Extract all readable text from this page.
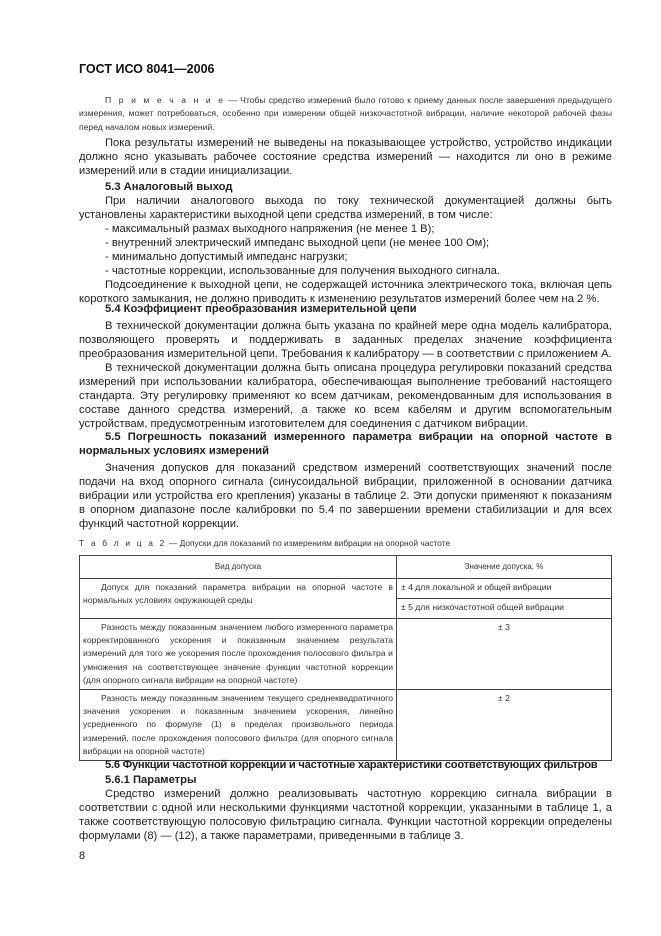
ГОСТ ИСО 8041—2006

П р и м е ч а н и е — Чтобы средство измерений было готово к приему данных после завершения предыдущего измерения, может потребоваться, особенно при измерении общей низкочастотной вибрации, наличие некоторой рабочей фазы перед началом новых измерений.

Пока результаты измерений не выведены на показывающее устройство, устройство индикации должно ясно указывать рабочее состояние средства измерений — находится ли оно в режиме измерений или в стадии инициализации.

5.3 Аналоговый выход

При наличии аналогового выхода по току технической документацией должны быть установлены характеристики выходной цепи средства измерений, в том числе:

- максимальный размах выходного напряжения (не менее 1 В);

- внутренний электрический импеданс выходной цепи (не менее 100 Ом);

- минимально допустимый импеданс нагрузки;

- частотные коррекции, использованные для получения выходного сигнала.

Подсоединение к выходной цепи, не содержащей источника электрического тока, включая цепь короткого замыкания, не должно приводить к изменению результатов измерений более чем на 2 %.

5.4 Коэффициент преобразования измерительной цепи

В технической документации должна быть указана по крайней мере одна модель калибратора, позволяющего проверять и поддерживать в заданных пределах значение коэффициента преобразования измерительной цепи. Требования к калибратору — в соответствии с приложением А.

В технической документации должна быть описана процедура регулировки показаний средства измерений при использовании калибратора, обеспечивающая выполнение требований настоящего стандарта. Эту регулировку применяют ко всем датчикам, рекомендованным для использования в составе данного средства измерений, а также ко всем кабелям и другим вспомогательным устройствам, предусмотренным изготовителем для соединения с датчиком вибрации.

5.5 Погрешность показаний измеренного параметра вибрации на опорной частоте в нормальных условиях измерений

Значения допусков для показаний средством измерений соответствующих значений после подачи на вход опорного сигнала (синусоидальной вибрации, приложенной в основании датчика вибрации или устройства его крепления) указаны в таблице 2. Эти допуски применяют к показаниям в опорном диапазоне после калибровки по 5.4 по завершении времени стабилизации и для всех функций частотной коррекции.

Т а б л и ц а 2 — Допуски для показаний по измерениям вибрации на опорной частоте
Вид допуска	Значение допуска, %

Допуск для показаний параметра вибрации на опорной частоте в нормальных условиях окружающей среды	± 4 для локальной и общей вибрации
	± 5 для низкочастотной общей вибрации

Разность между показанным значением любого измеренного параметра корректированного ускорения и показанным значением результата измерений для того же ускорения после прохождения полосового фильтра и умножения на соответствующее значение функции частотной коррекции (для опорного сигнала вибрации на опорной частоте)	± 3

Разность между показанным значением текущего среднеквадратичного значения ускорения и показанным значением ускорения, линейно усредненного по формуле (1) в пределах произвольного периода измерений, после прохождения полосового фильтра (для опорного сигнала вибрации на опорной частоте)	± 2

5.6 Функции частотной коррекции и частотные характеристики соответствующих фильтров

5.6.1 Параметры

Средство измерений должно реализовывать частотную коррекцию сигнала вибрации в соответствии с одной или несколькими функциями частотной коррекции, указанными в таблице 1, а также соответствующую полосовую фильтрацию сигнала. Функции частотной коррекции определены формулами (8) — (12), а также параметрами, приведенными в таблице 3.

8
